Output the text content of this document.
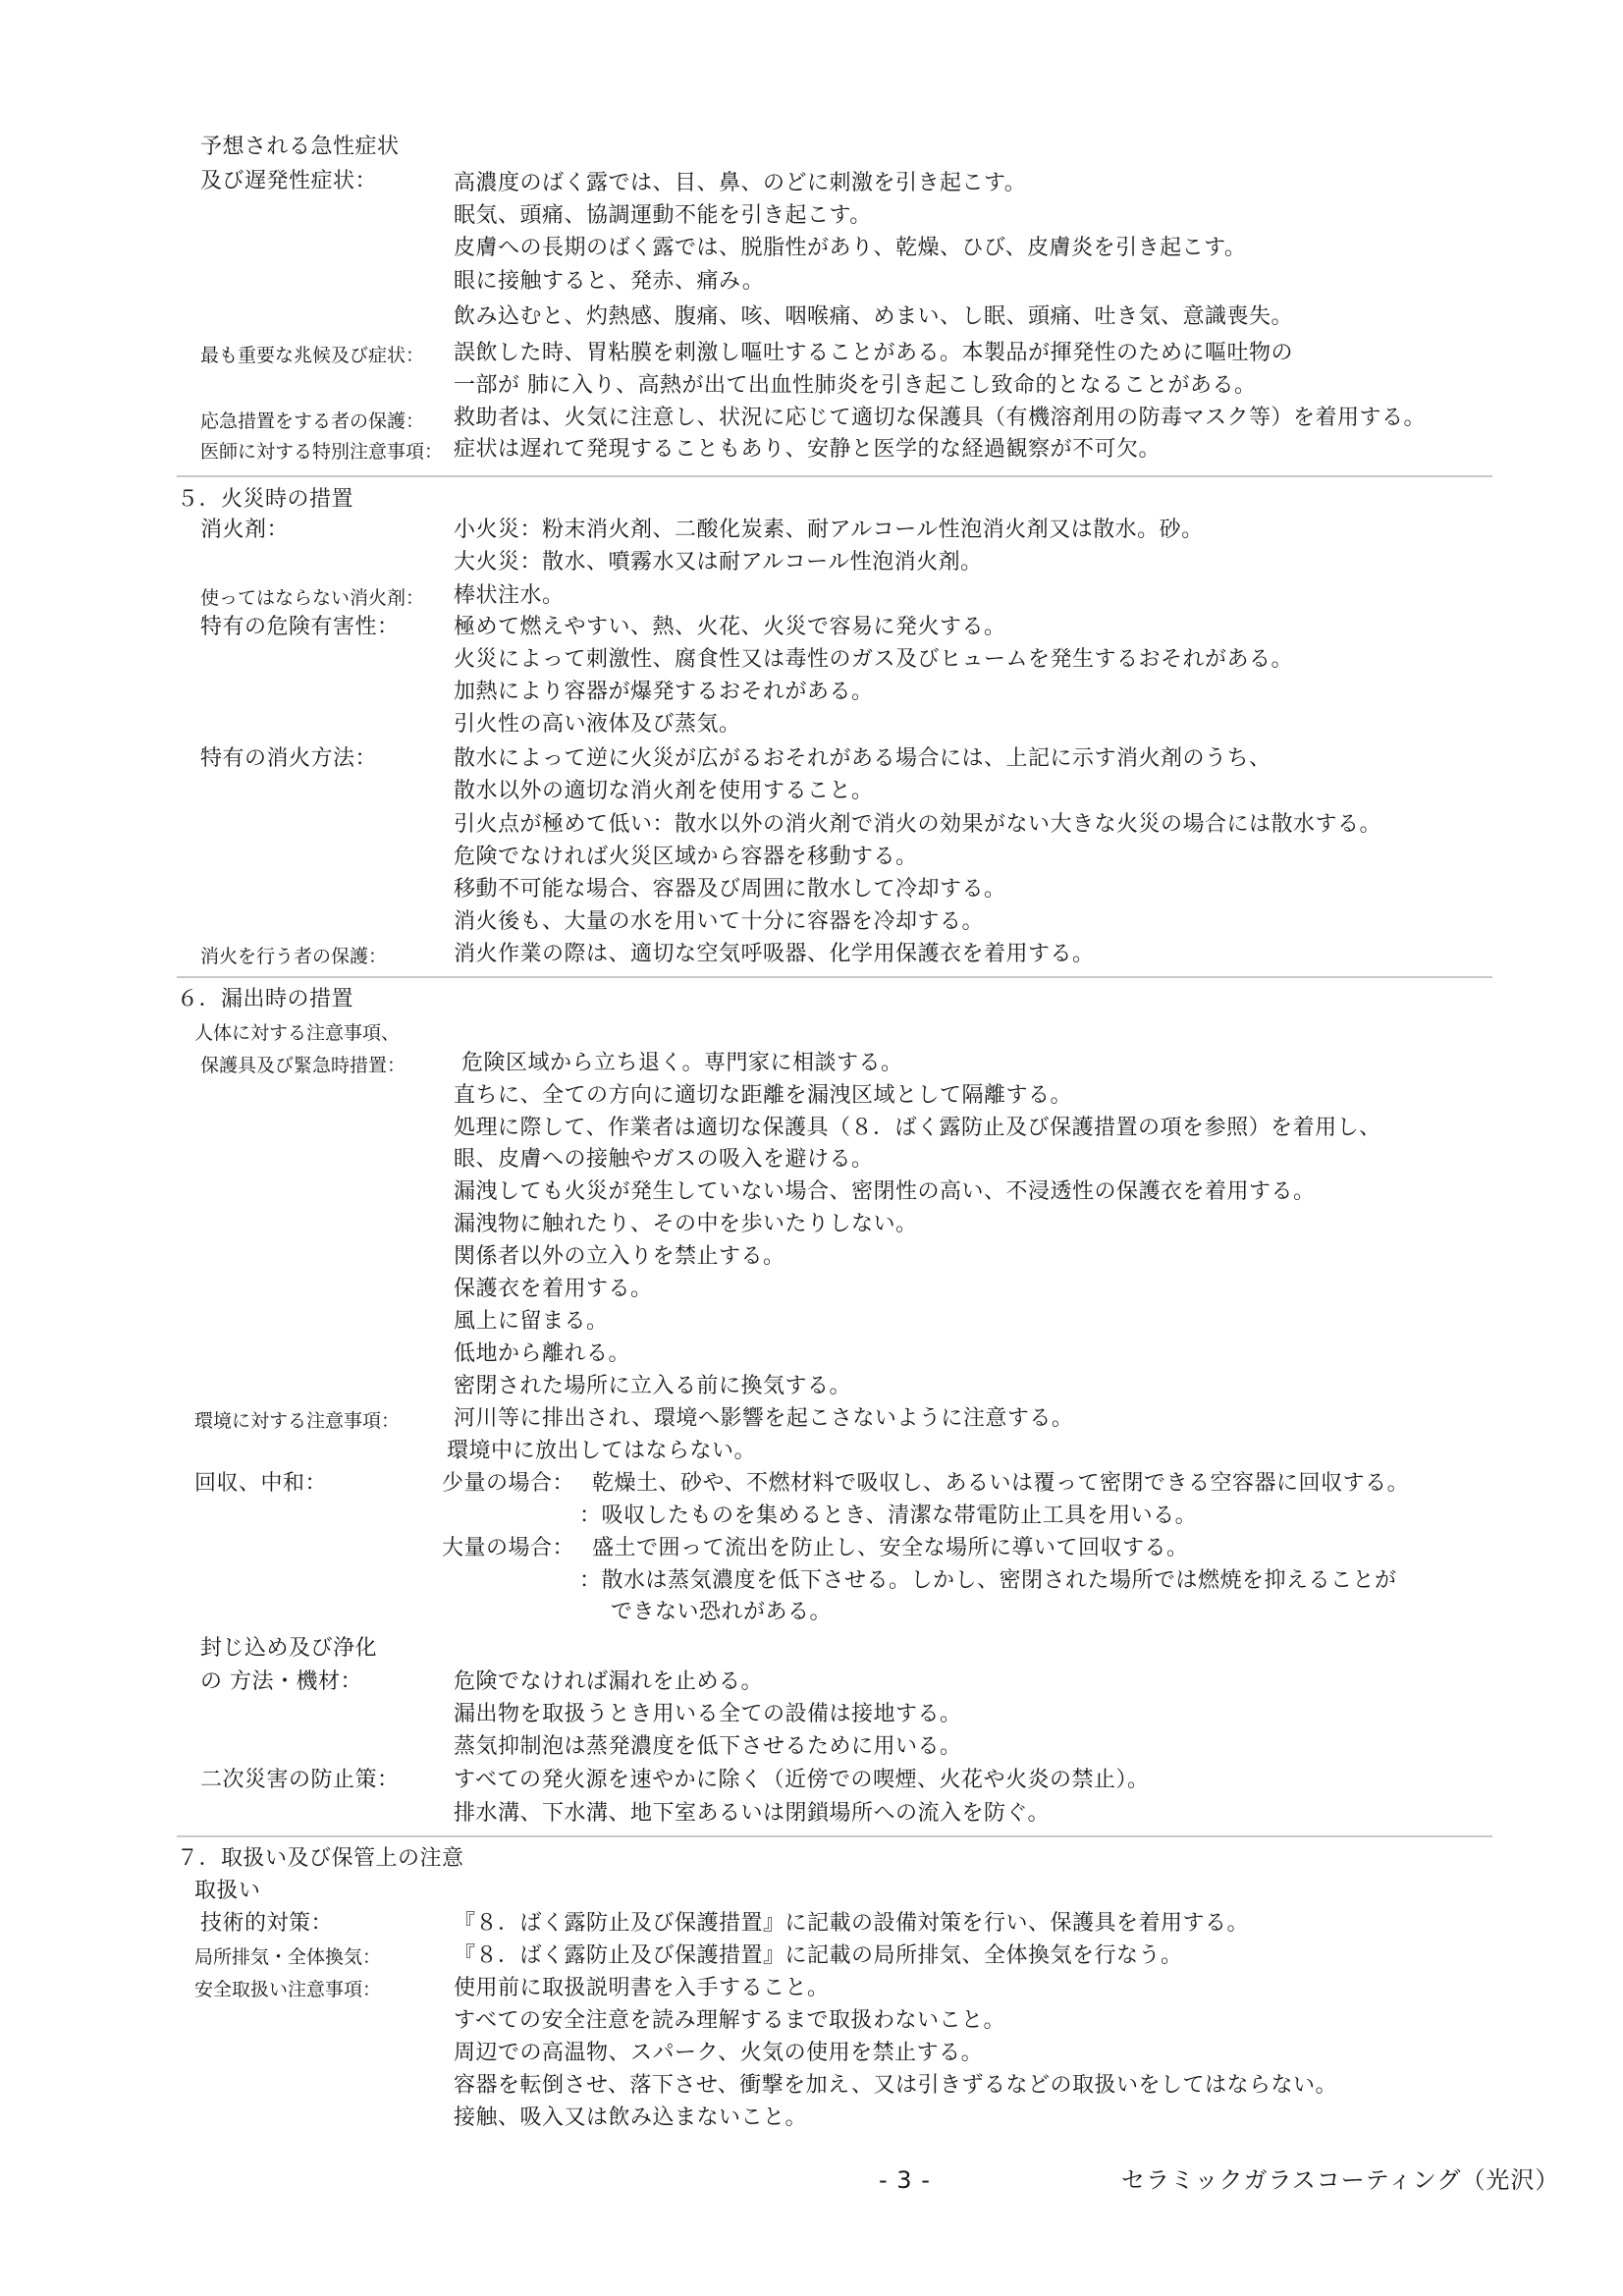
予想される急性症状
及び遅発性症状：	高濃度のばく露では、目、鼻、のどに刺激を引き起こす。
眠気、頭痛、協調運動不能を引き起こす。
皮膚への長期のばく露では、脱脂性があり、乾燥、ひび、皮膚炎を引き起こす。
眼に接触すると、発赤、痛み。
飲み込むと、灼熱感、腹痛、咳、咽喉痛、めまい、し眠、頭痛、吐き気、意識喪失。
最も重要な兆候及び症状： 誤飲した時、胃粘膜を刺激し嘔吐することがある。本製品が揮発性のために嘔吐物の
一部が 肺に入り、高熱が出て出血性肺炎を引き起こし致命的となることがある。
応急措置をする者の保護： 救助者は、火気に注意し、状況に応じて適切な保護具（有機溶剤用の防毒マスク等）を着用する。
医師に対する特別注意事項： 症状は遅れて発現することもあり、安静と医学的な経過観察が不可欠。
５．火災時の措置
消火剤：	小火災：粉末消火剤、二酸化炭素、耐アルコール性泡消火剤又は散水。砂。
大火災：散水、噴霧水又は耐アルコール性泡消火剤。
使ってはならない消火剤： 棒状注水。
特有の危険有害性：	極めて燃えやすい、熱、火花、火災で容易に発火する。
火災によって刺激性、腐食性又は毒性のガス及びヒュームを発生するおそれがある。
加熱により容器が爆発するおそれがある。
引火性の高い液体及び蒸気。
特有の消火方法：	散水によって逆に火災が広がるおそれがある場合には、上記に示す消火剤のうち、
散水以外の適切な消火剤を使用すること。
引火点が極めて低い：散水以外の消火剤で消火の効果がない大きな火災の場合には散水する。
危険でなければ火災区域から容器を移動する。
移動不可能な場合、容器及び周囲に散水して冷却する。
消火後も、大量の水を用いて十分に容器を冷却する。
消火を行う者の保護：	消火作業の際は、適切な空気呼吸器、化学用保護衣を着用する。
６．漏出時の措置
人体に対する注意事項、
保護具及び緊急時措置：	危険区域から立ち退く。専門家に相談する。
直ちに、全ての方向に適切な距離を漏洩区域として隔離する。
処理に際して、作業者は適切な保護具（８．ばく露防止及び保護措置の項を参照）を着用し、
眼、皮膚への接触やガスの吸入を避ける。
漏洩しても火災が発生していない場合、密閉性の高い、不浸透性の保護衣を着用する。
漏洩物に触れたり、その中を歩いたりしない。
関係者以外の立入りを禁止する。
保護衣を着用する。
風上に留まる。
低地から離れる。
密閉された場所に立入る前に換気する。
環境に対する注意事項： 河川等に排出され、環境へ影響を起こさないように注意する。
環境中に放出してはならない。
回収、中和：	少量の場合： 乾燥土、砂や、不燃材料で吸収し、あるいは覆って密閉できる空容器に回収する。
：吸収したものを集めるとき、清潔な帯電防止工具を用いる。
大量の場合： 盛土で囲って流出を防止し、安全な場所に導いて回収する。
：散水は蒸気濃度を低下させる。しかし、密閉された場所では燃焼を抑えることが
できない恐れがある。
封じ込め及び浄化
の 方法・機材：	危険でなければ漏れを止める。
漏出物を取扱うとき用いる全ての設備は接地する。
蒸気抑制泡は蒸発濃度を低下させるために用いる。
二次災害の防止策：	すべての発火源を速やかに除く（近傍での喫煙、火花や火炎の禁止）。
排水溝、下水溝、地下室あるいは閉鎖場所への流入を防ぐ。
７．取扱い及び保管上の注意
取扱い
技術的対策：	『８．ばく露防止及び保護措置』に記載の設備対策を行い、保護具を着用する。
局所排気・全体換気：	『８．ばく露防止及び保護措置』に記載の局所排気、全体換気を行なう。
安全取扱い注意事項：	使用前に取扱説明書を入手すること。
すべての安全注意を読み理解するまで取扱わないこと。
周辺での高温物、スパーク、火気の使用を禁止する。
容器を転倒させ、落下させ、衝撃を加え、又は引きずるなどの取扱いをしてはならない。
接触、吸入又は飲み込まないこと。
- 3 -	セラミックガラスコーティング（光沢）
